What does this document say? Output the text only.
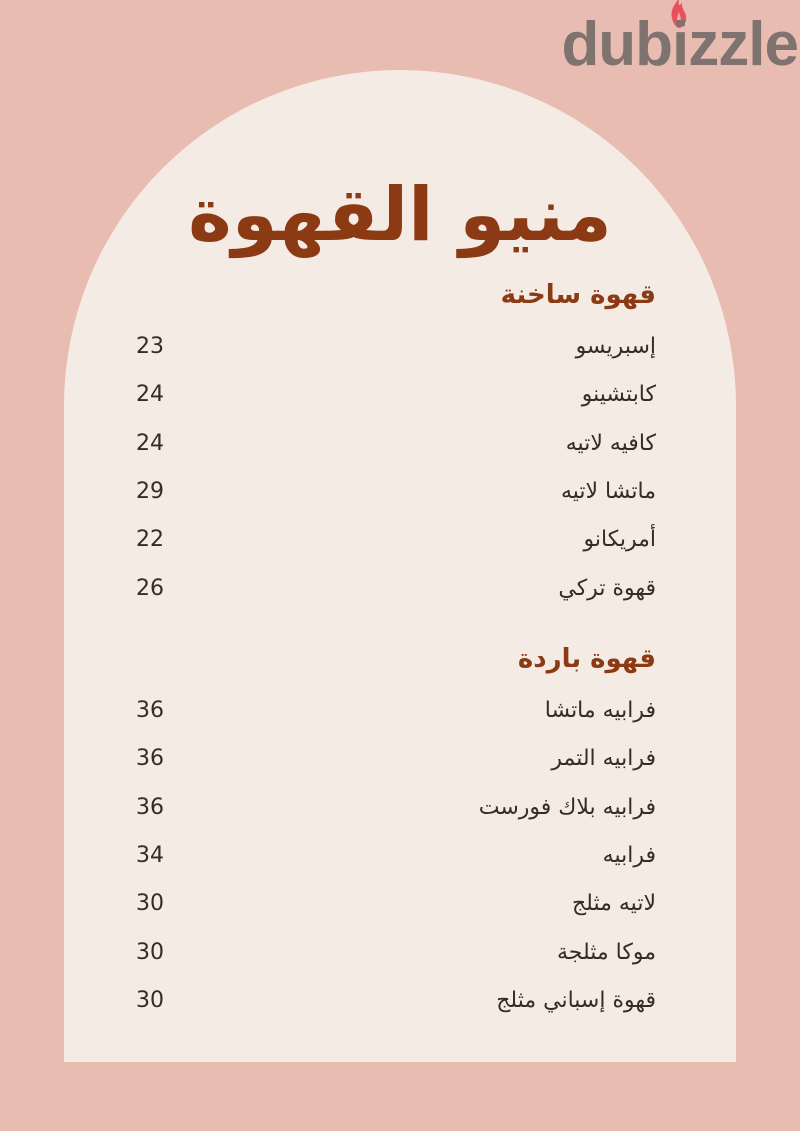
dubizzle
منيو القهوة
قهوة ساخنة
إسبريسو
23
كابتشينو
24
كافيه لاتيه
24
ماتشا لاتيه
29
أمريكانو
22
قهوة تركي
26
قهوة باردة
فرابيه ماتشا
36
فرابيه التمر
36
فرابيه بلاك فورست
36
فرابيه
34
لاتيه مثلج
30
موكا مثلجة
30
قهوة إسباني مثلج
30
